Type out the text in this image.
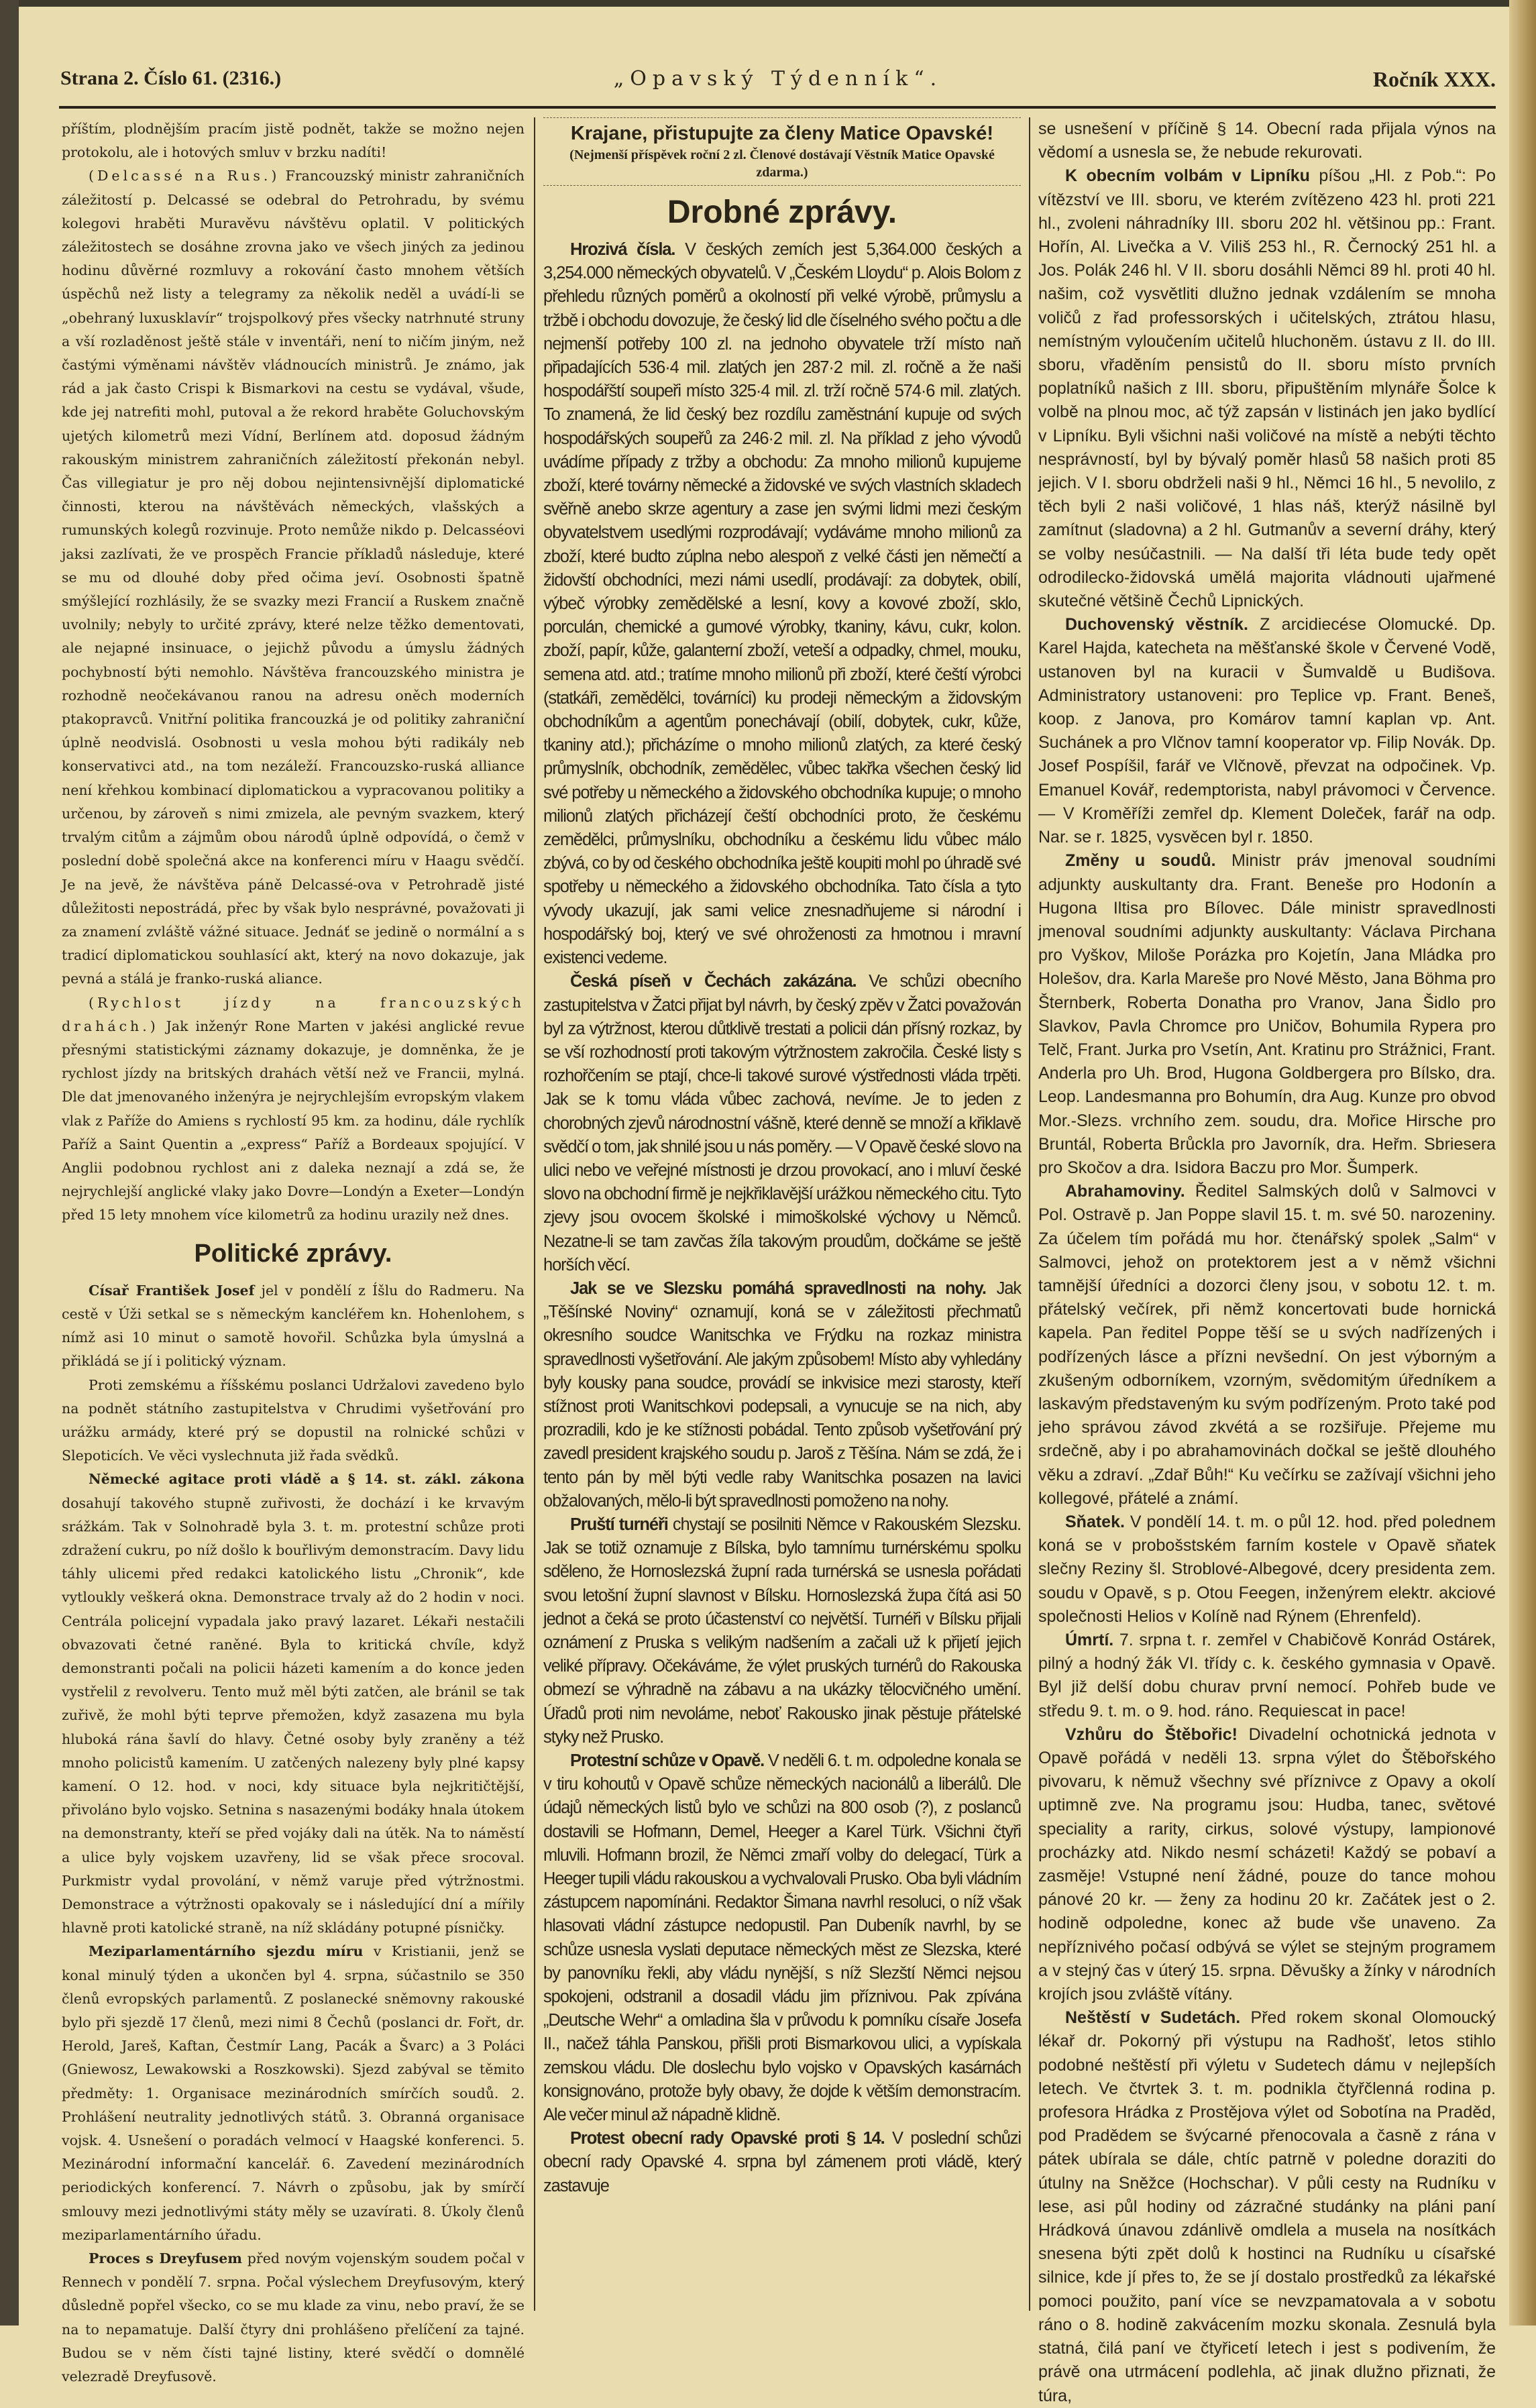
Strana 2. Číslo 61. (2316.)	„Opavský Týdenník“.	Ročník XXX.

příštím, plodnějším pracím jistě podnět, takže se možno nejen protokolu, ale i hotových smluv v brzku nadíti!

(Delcassé na Rus.) Francouzský ministr zahraničních záležitostí p. Delcassé se odebral do Petrohradu, by svému kolegovi hraběti Muravěvu návštěvu oplatil. V politických záležitostech se dosáhne zrovna jako ve všech jiných za jedinou hodinu důvěrné rozmluvy a rokování často mnohem větších úspěchů než listy a telegramy za několik neděl a uvádí-li se „obehraný luxusklavír“ trojspolkový přes všecky natrhnuté struny a vší rozladěnost ještě stále v inventáři, není to ničím jiným, než častými výměnami návštěv vládnoucích ministrů. Je známo, jak rád a jak často Crispi k Bismarkovi na cestu se vydával, všude, kde jej natrefiti mohl, putoval a že rekord hraběte Goluchovským ujetých kilometrů mezi Vídní, Berlínem atd. doposud žádným rakouským ministrem zahraničních záležitostí překonán nebyl. Čas villegiatur je pro něj dobou nejintensivnější diplomatické činnosti, kterou na návštěvách německých, vlašských a rumunských kolegů rozvinuje. Proto nemůže nikdo p. Delcasséovi jaksi zazlívati, že ve prospěch Francie příkladů následuje, které se mu od dlouhé doby před očima jeví. Osobnosti špatně smýšlející rozhlásily, že se svazky mezi Francií a Ruskem značně uvolnily; nebyly to určité zprávy, které nelze těžko dementovati, ale nejapné insinuace, o jejichž původu a úmyslu žádných pochybností býti nemohlo. Návštěva francouzského ministra je rozhodně neočekávanou ranou na adresu oněch moderních ptakopravců. Vnitřní politika francouzká je od politiky zahraniční úplně neodvislá. Osobnosti u vesla mohou býti radikály neb konservativci atd., na tom nezáleží. Francouzsko-ruská alliance není křehkou kombinací diplomatickou a vypracovanou politiky a určenou, by zároveň s nimi zmizela, ale pevným svazkem, který trvalým citům a zájmům obou národů úplně odpovídá, o čemž v poslední době společná akce na konferenci míru v Haagu svědčí. Je na jevě, že návštěva páně Delcassé-ova v Petrohradě jisté důležitosti nepostrádá, přec by však bylo nesprávné, považovati ji za znamení zvláště vážné situace. Jednáť se jedině o normální a s tradicí diplomatickou souhlasící akt, který na novo dokazuje, jak pevná a stálá je franko-ruská aliance.

(Rychlost jízdy na francouzských drahách.) Jak inženýr Rone Marten v jakési anglické revue přesnými statistickými záznamy dokazuje, je domněnka, že je rychlost jízdy na britských drahách větší než ve Francii, mylná. Dle dat jmenovaného inženýra je nejrychlejším evropským vlakem vlak z Paříže do Amiens s rychlostí 95 km. za hodinu, dále rychlík Paříž a Saint Quentin a „express“ Paříž a Bordeaux spojující. V Anglii podobnou rychlost ani z daleka neznají a zdá se, že nejrychlejší anglické vlaky jako Dovre—Londýn a Exeter—Londýn před 15 lety mnohem více kilometrů za hodinu urazily než dnes.

Politické zprávy.

Císař František Josef jel v pondělí z Íšlu do Radmeru. Na cestě v Úži setkal se s německým kancléřem kn. Hohenlohem, s nímž asi 10 minut o samotě hovořil. Schůzka byla úmyslná a přikládá se jí i politický význam.

Proti zemskému a říšskému poslanci Udržalovi zavedeno bylo na podnět státního zastupitelstva v Chrudimi vyšetřování pro urážku armády, které prý se dopustil na rolnické schůzi v Slepoticích. Ve věci vyslechnuta již řada svědků.

Německé agitace proti vládě a § 14. st. zákl. zákona dosahují takového stupně zuřivosti, že dochází i ke krvavým srážkám. Tak v Solnohradě byla 3. t. m. protestní schůze proti zdražení cukru, po níž došlo k bouřlivým demonstracím. Davy lidu táhly ulicemi před redakci katolického listu „Chronik“, kde vytloukly veškerá okna. Demonstrace trvaly až do 2 hodin v noci. Centrála policejní vypadala jako pravý lazaret. Lékaři nestačili obvazovati četné raněné. Byla to kritická chvíle, když demonstranti počali na policii házeti kamením a do konce jeden vystřelil z revolveru. Tento muž měl býti zatčen, ale bránil se tak zuřivě, že mohl býti teprve přemožen, když zasazena mu byla hluboká rána šavlí do hlavy. Četné osoby byly zraněny a též mnoho policistů kamením. U zatčených nalezeny byly plné kapsy kamení. O 12. hod. v noci, kdy situace byla nejkritičtější, přivoláno bylo vojsko. Setnina s nasazenými bodáky hnala útokem na demonstranty, kteří se před vojáky dali na útěk. Na to náměstí a ulice byly vojskem uzavřeny, lid se však přece srocoval. Purkmistr vydal provolání, v němž varuje před výtržnostmi. Demonstrace a výtržnosti opakovaly se i následující dní a mířily hlavně proti katolické straně, na níž skládány potupné písničky.

Meziparlamentárního sjezdu míru v Kristianii, jenž se konal minulý týden a ukončen byl 4. srpna, súčastnilo se 350 členů evropských parlamentů. Z poslanecké sněmovny rakouské bylo při sjezdě 17 členů, mezi nimi 8 Čechů (poslanci dr. Fořt, dr. Herold, Jareš, Kaftan, Čestmír Lang, Pacák a Švarc) a 3 Poláci (Gniewosz, Lewakowski a Roszkowski). Sjezd zabýval se těmito předměty: 1. Organisace mezinárodních smírčích soudů. 2. Prohlášení neutrality jednotlivých států. 3. Obranná organisace vojsk. 4. Usnešení o poradách velmocí v Haagské konferenci. 5. Mezinárodní informační kancelář. 6. Zavedení mezinárodních periodických konferencí. 7. Návrh o způsobu, jak by smírčí smlouvy mezi jednotlivými státy měly se uzavírati. 8. Úkoly členů meziparlamentárního úřadu.

Proces s Dreyfusem před novým vojenským soudem počal v Rennech v pondělí 7. srpna. Počal výslechem Dreyfusovým, který důsledně popřel všecko, co se mu klade za vinu, nebo praví, že se na to nepamatuje. Další čtyry dni prohlášeno přelíčení za tajné. Budou se v něm čísti tajné listiny, které svědčí o domnělé velezradě Dreyfusově.

Krajane, přistupujte za členy Matice Opavské!
(Nejmenší příspěvek roční 2 zl. Členové dostávají Věstník Matice Opavské zdarma.)
Drobné zprávy.

Hrozivá čísla. V českých zemích jest 5,364.000 českých a 3,254.000 německých obyvatelů. V „Českém Lloydu“ p. Alois Bolom z přehledu různých poměrů a okolností při velké výrobě, průmyslu a tržbě i obchodu dovozuje, že český lid dle číselného svého počtu a dle nejmenší potřeby 100 zl. na jednoho obyvatele trží místo naň připadajících 536·4 mil. zlatých jen 287·2 mil. zl. ročně a že naši hospodářští soupeři místo 325·4 mil. zl. trží ročně 574·6 mil. zlatých. To znamená, že lid český bez rozdílu zaměstnání kupuje od svých hospodářských soupeřů za 246·2 mil. zl. Na příklad z jeho vývodů uvádíme případy z tržby a obchodu: Za mnoho milionů kupujeme zboží, které továrny německé a židovské ve svých vlastních skladech svěřně anebo skrze agentury a zase jen svými lidmi mezi českým obyvatelstvem usedlými rozprodávají; vydáváme mnoho milionů za zboží, které budto zúplna nebo alespoň z velké části jen němečtí a židovští obchodníci, mezi námi usedlí, prodávají: za dobytek, obilí, výbeč výrobky zemědělské a lesní, kovy a kovové zboží, sklo, porculán, chemické a gumové výrobky, tkaniny, kávu, cukr, kolon. zboží, papír, kůže, galanterní zboží, veteší a odpadky, chmel, mouku, semena atd. atd.; tratíme mnoho milionů při zboží, které čeští výrobci (statkáři, zemědělci, továrníci) ku prodeji německým a židovským obchodníkům a agentům ponechávají (obilí, dobytek, cukr, kůže, tkaniny atd.); přicházíme o mnoho milionů zlatých, za které český průmyslník, obchodník, zemědělec, vůbec takřka všechen český lid své potřeby u německého a židovského obchodníka kupuje; o mnoho milionů zlatých přicházejí čeští obchodníci proto, že českému zemědělci, průmyslníku, obchodníku a českému lidu vůbec málo zbývá, co by od českého obchodníka ještě koupiti mohl po úhradě své spotřeby u německého a židovského obchodníka. Tato čísla a tyto vývody ukazují, jak sami velice znesnadňujeme si národní i hospodářský boj, který ve své ohroženosti za hmotnou i mravní existenci vedeme.

Česká píseň v Čechách zakázána. Ve schůzi obecního zastupitelstva v Žatci přijat byl návrh, by český zpěv v Žatci považován byl za výtržnost, kterou důtklivě trestati a policii dán přísný rozkaz, by se vší rozhodností proti takovým výtržnostem zakročila. České listy s rozhořčením se ptají, chce-li takové surové výstřednosti vláda trpěti. Jak se k tomu vláda vůbec zachová, nevíme. Je to jeden z chorobných zjevů národnostní vášně, které denně se množí a křiklavě svědčí o tom, jak shnilé jsou u nás poměry. — V Opavě české slovo na ulici nebo ve veřejné místnosti je drzou provokací, ano i mluví české slovo na obchodní firmě je nejkřiklavější urážkou německého citu. Tyto zjevy jsou ovocem školské i mimoškolské výchovy u Němců. Nezatne-li se tam zavčas žíla takovým proudům, dočkáme se ještě horších věcí.

Jak se ve Slezsku pomáhá spravedlnosti na nohy. Jak „Těšínské Noviny“ oznamují, koná se v záležitosti přechmatů okresního soudce Wanitschka ve Frýdku na rozkaz ministra spravedlnosti vyšetřování. Ale jakým způsobem! Místo aby vyhledány byly kousky pana soudce, provádí se inkvisice mezi starosty, kteří stížnost proti Wanitschkovi podepsali, a vynucuje se na nich, aby prozradili, kdo je ke stížnosti pobádal. Tento způsob vyšetřování prý zavedl president krajského soudu p. Jaroš z Těšína. Nám se zdá, že i tento pán by měl býti vedle raby Wanitschka posazen na lavici obžalovaných, mělo-li být spravedlnosti pomoženo na nohy.

Pruští turnéři chystají se posilniti Němce v Rakouském Slezsku. Jak se totiž oznamuje z Bílska, bylo tamnímu turnérskému spolku sděleno, že Hornoslezská župní rada turnérská se usnesla pořádati svou letošní župní slavnost v Bílsku. Hornoslezská župa čítá asi 50 jednot a čeká se proto účastenství co největší. Turnéři v Bílsku přijali oznámení z Pruska s velikým nadšením a začali už k přijetí jejich veliké přípravy. Očekáváme, že výlet pruských turnérů do Rakouska obmezí se výhradně na zábavu a na ukázky tělocvičného umění. Úřadů proti nim nevoláme, neboť Rakousko jinak pěstuje přátelské styky než Prusko.

Protestní schůze v Opavě. V neděli 6. t. m. odpoledne konala se v tiru kohoutů v Opavě schůze německých nacionálů a liberálů. Dle údajů německých listů bylo ve schůzi na 800 osob (?), z poslanců dostavili se Hofmann, Demel, Heeger a Karel Türk. Všichni čtyři mluvili. Hofmann brozil, že Němci zmaří volby do delegací, Türk a Heeger tupili vládu rakouskou a vychvalovali Prusko. Oba byli vládním zástupcem napomínáni. Redaktor Šimana navrhl resoluci, o níž však hlasovati vládní zástupce nedopustil. Pan Dubeník navrhl, by se schůze usnesla vyslati deputace německých měst ze Slezska, které by panovníku řekli, aby vládu nynější, s níž Slezští Němci nejsou spokojeni, odstranil a dosadil vládu jim příznivou. Pak zpívána „Deutsche Wehr“ a omladina šla v průvodu k pomníku císaře Josefa II., načež táhla Panskou, přišli proti Bismarkovou ulici, a vypískala zemskou vládu. Dle doslechu bylo vojsko v Opavských kasárnách konsignováno, protože byly obavy, že dojde k větším demonstracím. Ale večer minul až nápadně klidně.

Protest obecní rady Opavské proti § 14. V poslední schůzi obecní rady Opavské 4. srpna byl zámenem proti vládě, který zastavuje

se usnešení v příčině § 14. Obecní rada přijala výnos na vědomí a usnesla se, že nebude rekurovati.

K obecním volbám v Lipníku píšou „Hl. z Pob.“: Po vítězství ve III. sboru, ve kterém zvítězeno 423 hl. proti 221 hl., zvoleni náhradníky III. sboru 202 hl. většinou pp.: Frant. Hořín, Al. Livečka a V. Viliš 253 hl., R. Černocký 251 hl. a Jos. Polák 246 hl. V II. sboru dosáhli Němci 89 hl. proti 40 hl. našim, což vysvětliti dlužno jednak vzdálením se mnoha voličů z řad professorských i učitelských, ztrátou hlasu, nemístným vyloučením učitelů hluchoněm. ústavu z II. do III. sboru, vřaděním pensistů do II. sboru místo prvních poplatníků našich z III. sboru, připuštěním mlynáře Šolce k volbě na plnou moc, ač týž zapsán v listinách jen jako bydlící v Lipníku. Byli všichni naši voličové na místě a nebýti těchto nesprávností, byl by bývalý poměr hlasů 58 našich proti 85 jejich. V I. sboru obdrželi naši 9 hl., Němci 16 hl., 5 nevolilo, z těch byli 2 naši voličové, 1 hlas náš, kterýž násilně byl zamítnut (sladovna) a 2 hl. Gutmanův a severní dráhy, který se volby nesúčastnili. — Na další tři léta bude tedy opět odrodilecko-židovská umělá majorita vládnouti ujařmené skutečné většině Čechů Lipnických.

Duchovenský věstník. Z arcidiecése Olomucké. Dp. Karel Hajda, katecheta na měšťanské škole v Červené Vodě, ustanoven byl na kuracii v Šumvaldě u Budišova. Administratory ustanoveni: pro Teplice vp. Frant. Beneš, koop. z Janova, pro Komárov tamní kaplan vp. Ant. Suchánek a pro Vlčnov tamní kooperator vp. Filip Novák. Dp. Josef Pospíšil, farář ve Vlčnově, převzat na odpočinek. Vp. Emanuel Kovář, redemptorista, nabyl právomoci v Července. — V Kroměříži zemřel dp. Klement Doleček, farář na odp. Nar. se r. 1825, vysvěcen byl r. 1850.

Změny u soudů. Ministr práv jmenoval soudními adjunkty auskultanty dra. Frant. Beneše pro Hodonín a Hugona Iltisa pro Bílovec. Dále ministr spravedlnosti jmenoval soudními adjunkty auskultanty: Václava Pirchana pro Vyškov, Miloše Porázka pro Kojetín, Jana Mládka pro Holešov, dra. Karla Mareše pro Nové Město, Jana Böhma pro Šternberk, Roberta Donatha pro Vranov, Jana Šidlo pro Slavkov, Pavla Chromce pro Uničov, Bohumila Rypera pro Telč, Frant. Jurka pro Vsetín, Ant. Kratinu pro Strážnici, Frant. Anderla pro Uh. Brod, Hugona Goldbergera pro Bílsko, dra. Leop. Landesmanna pro Bohumín, dra Aug. Kunze pro obvod Mor.-Slezs. vrchního zem. soudu, dra. Mořice Hirsche pro Bruntál, Roberta Brůckla pro Javorník, dra. Heřm. Sbriesera pro Skočov a dra. Isidora Baczu pro Mor. Šumperk.

Abrahamoviny. Ředitel Salmských dolů v Salmovci v Pol. Ostravě p. Jan Poppe slavil 15. t. m. své 50. narozeniny. Za účelem tím pořádá mu hor. čtenářský spolek „Salm“ v Salmovci, jehož on protektorem jest a v němž všichni tamnější úředníci a dozorci členy jsou, v sobotu 12. t. m. přátelský večírek, při němž koncertovati bude hornická kapela. Pan ředitel Poppe těší se u svých nadřízených i podřízených lásce a přízni nevšední. On jest výborným a zkušeným odborníkem, vzorným, svědomitým úředníkem a laskavým představeným ku svým podřízeným. Proto také pod jeho správou závod zkvétá a se rozšiřuje. Přejeme mu srdečně, aby i po abrahamovinách dočkal se ještě dlouhého věku a zdraví. „Zdař Bůh!“ Ku večírku se zažívají všichni jeho kollegové, přátelé a známí.

Sňatek. V pondělí 14. t. m. o půl 12. hod. před polednem koná se v probošstském farním kostele v Opavě sňatek slečny Reziny šl. Stroblové-Albegové, dcery presidenta zem. soudu v Opavě, s p. Otou Feegen, inženýrem elektr. akciové společnosti Helios v Kolíně nad Rýnem (Ehrenfeld).

Úmrtí. 7. srpna t. r. zemřel v Chabičově Konrád Ostárek, pilný a hodný žák VI. třídy c. k. českého gymnasia v Opavě. Byl již delší dobu churav první nemocí. Pohřeb bude ve středu 9. t. m. o 9. hod. ráno. Requiescat in pace!

Vzhůru do Štěbořic! Divadelní ochotnická jednota v Opavě pořádá v neděli 13. srpna výlet do Štěbořského pivovaru, k němuž všechny své příznivce z Opavy a okolí uptimně zve. Na programu jsou: Hudba, tanec, světové speciality a rarity, cirkus, solové výstupy, lampionové procházky atd. Nikdo nesmí scházeti! Každý se pobaví a zasměje! Vstupné není žádné, pouze do tance mohou pánové 20 kr. — ženy za hodinu 20 kr. Začátek jest o 2. hodině odpoledne, konec až bude vše unaveno. Za nepříznivého počasí odbývá se výlet se stejným programem a v stejný čas v úterý 15. srpna. Děvušky a žínky v národních krojích jsou zvláště vítány.

Neštěstí v Sudetách. Před rokem skonal Olomoucký lékař dr. Pokorný při výstupu na Radhošť, letos stihlo podobné neštěstí při výletu v Sudetech dámu v nejlepších letech. Ve čtvrtek 3. t. m. podnikla čtyřčlenná rodina p. profesora Hrádka z Prostějova výlet od Sobotína na Praděd, pod Pradědem se švýcarné přenocovala a časně z rána v pátek ubírala se dále, chtíc patrně v poledne doraziti do útulny na Sněžce (Hochschar). V půli cesty na Rudníku v lese, asi půl hodiny od zázračné studánky na pláni paní Hrádková únavou zdánlivě omdlela a musela na nosítkách snesena býti zpět dolů k hostinci na Rudníku u císařské silnice, kde jí přes to, že se jí dostalo prostředků za lékařské pomoci použito, paní více se nevzpamatovala a v sobotu ráno o 8. hodině zakvácením mozku skonala. Zesnulá byla statná, čilá paní ve čtyřicetí letech i jest s podivením, že právě ona utrmácení podlehla, ač jinak dlužno přiznati, že túra,
